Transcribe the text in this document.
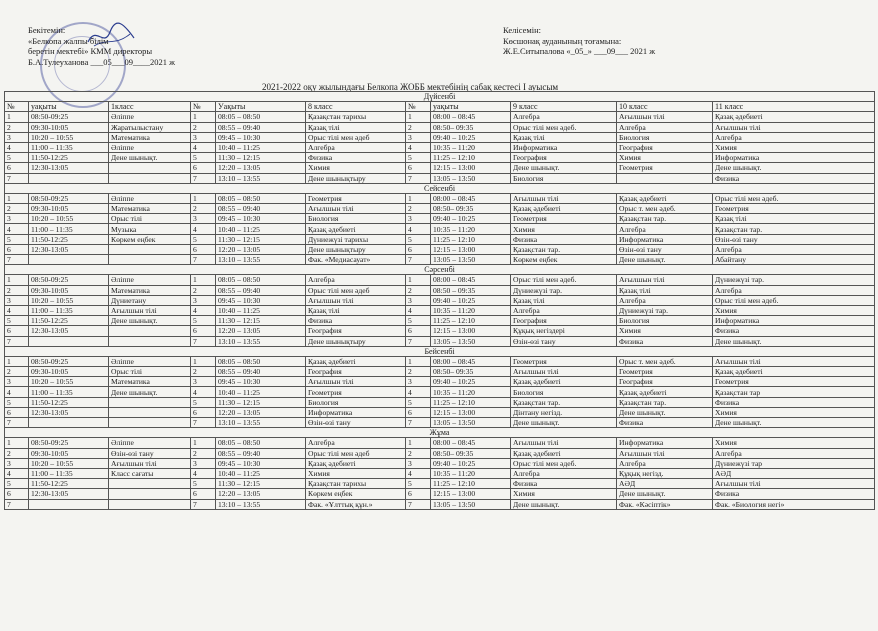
Бекітемін:
«Белкопа жалпы білім
беретін мектебі» КММ директоры
Б.А.Тулеуханова ___05___09____2021 ж
Келісемін:
Көсшонақ ауданының тоғамына:
Ж.Е.Ситыпалова «_05_» ___09___ 2021 ж
2021-2022 оқу жылындағы Белкопа ЖОББ мектебінің сабақ кестесі I ауысым
Дүйсенбі										
№	уақыты	1класс	№	Уақыты	8 класс	№	уақыты	9 класс	10 класс	11 класс
1	08:50-09:25	Әліппе	1	08:05 – 08:50	Қазақстан тарихы	1	08:00 – 08:45	Алгебра	Ағылшын тілі	Қазақ әдебиеті
2	09:30-10:05	Жаратылыстану	2	08:55 – 09:40	Қазақ тілі	2	08:50– 09:35	Орыс тілі мен әдеб.	Алгебра	Ағылшын тілі
3	10:20 – 10:55	Математика	3	09:45 – 10:30	Орыс тілі мен әдеб	3	09:40 – 10:25	Қазақ тілі	Биология	Алгебра
4	11:00 – 11:35	Әліппе	4	10:40 – 11:25	Алгебра	4	10:35 – 11:20	Информатика	География	Химия
5	11:50-12:25	Дене шынықт.	5	11:30 – 12:15	Физика	5	11:25 – 12:10	География	Химия	Информатика
6	12:30-13:05		6	12:20 – 13:05	Химия	6	12:15 – 13:00	Дене шынықт.	Геометрия	Дене шынықт.
7			7	13:10 – 13:55	Дене шынықтыру	7	13:05 – 13:50	Биология		Физика
Сейсенбі										
1	08:50-09:25	Әліппе	1	08:05 – 08:50	Геометрия	1	08:00 – 08:45	Ағылшын тілі	Қазақ әдебиеті	Орыс тілі мен әдеб.
2	09:30-10:05	Математика	2	08:55 – 09:40	Ағылшын тілі	2	08:50– 09:35	Қазақ әдебиеті	Орыс т. мен әдеб.	Геометрия
3	10:20 – 10:55	Орыс тілі	3	09:45 – 10:30	Биология	3	09:40 – 10:25	Геометрия	Қазақстан тар.	Қазақ тілі
4	11:00 – 11:35	Музыка	4	10:40 – 11:25	Қазақ әдебиеті	4	10:35 – 11:20	Химия	Алгебра	Қазақстан тар.
5	11:50-12:25	Көркем еңбек	5	11:30 – 12:15	Дүниежүзі тарихы	5	11:25 – 12:10	Физика	Информатика	Өзін-өзі тану
6	12:30-13:05		6	12:20 – 13:05	Дене шынықтыру	6	12:15 – 13:00	Қазақстан тар.	Өзін-өзі тану	Алгебра
7			7	13:10 – 13:55	Фак. «Медиасауат»	7	13:05 – 13:50	Көркем еңбек	Дене шынықт.	Абайтану
Сәрсенбі										
1	08:50-09:25	Әліппе	1	08:05 – 08:50	Алгебра	1	08:00 – 08:45	Орыс тілі мен әдеб.	Ағылшын тілі	Дүниежүзі тар.
2	09:30-10:05	Математика	2	08:55 – 09:40	Орыс тілі мен әдеб	2	08:50 – 09:35	Дүниежүзі тар.	Қазақ тілі	Алгебра
3	10:20 – 10:55	Дүниетану	3	09:45 – 10:30	Ағылшын тілі	3	09:40 – 10:25	Қазақ тілі	Алгебра	Орыс тілі мен әдеб.
4	11:00 – 11:35	Ағылшын тілі	4	10:40 – 11:25	Қазақ тілі	4	10:35 – 11:20	Алгебра	Дүниежүзі тар.	Химия
5	11:50-12:25	Дене шынықт.	5	11:30 – 12:15	Физика	5	11:25 – 12:10	География	Биология	Информатика
6	12:30-13:05		6	12:20 – 13:05	География	6	12:15 – 13:00	Құқық негіздері	Химия	Физика
7			7	13:10 – 13:55	Дене шынықтыру	7	13:05 – 13:50	Өзін-өзі тану	Физика	Дене шынықт.
Бейсенбі										
1	08:50-09:25	Әліппе	1	08:05 – 08:50	Қазақ әдебиеті	1	08:00 – 08:45	Геометрия	Орыс т. мен әдеб.	Ағылшын тілі
2	09:30-10:05	Орыс тілі	2	08:55 – 09:40	География	2	08:50– 09:35	Ағылшын тілі	Геометрия	Қазақ әдебиеті
3	10:20 – 10:55	Математика	3	09:45 – 10:30	Ағылшын тілі	3	09:40 – 10:25	Қазақ әдебиеті	География	Геометрия
4	11:00 – 11:35	Дене шынықт.	4	10:40 – 11:25	Геометрия	4	10:35 – 11:20	Биология	Қазақ әдебиеті	Қазақстан тар
5	11:50-12:25		5	11:30 – 12:15	Биология	5	11:25 – 12:10	Қазақстан тар.	Қазақстан тар.	Физика
6	12:30-13:05		6	12:20 – 13:05	Информатика	6	12:15 – 13:00	Дінтану негізд.	Дене шынықт.	Химия
7			7	13:10 – 13:55	Өзін-өзі тану	7	13:05 – 13:50	Дене шынықт.	Физика	Дене шынықт.
Жұма										
1	08:50-09:25	Әліппе	1	08:05 – 08:50	Алгебра	1	08:00 – 08:45	Ағылшын тілі	Информатика	Химия
2	09:30-10:05	Өзін-өзі тану	2	08:55 – 09:40	Орыс тілі мен әдеб	2	08:50– 09:35	Қазақ әдебиеті	Ағылшын тілі	Алгебра
3	10:20 – 10:55	Ағылшын тілі	3	09:45 – 10:30	Қазақ әдебиеті	3	09:40 – 10:25	Орыс тілі мен әдеб.	Алгебра	Дүниежүзі тар
4	11:00 – 11:35	Класс сағаты	4	10:40 – 11:25	Химия	4	10:35 – 11:20	Алгебра	Құқық негізд.	АӘД
5	11:50-12:25		5	11:30 – 12:15	Қазақстан тарихы	5	11:25 – 12:10	Физика	АӘД	Ағылшын тілі
6	12:30-13:05		6	12:20 – 13:05	Көркем еңбек	6	12:15 – 13:00	Химия	Дене шынықт.	Физика
7			7	13:10 – 13:55	Фак. «Ұлттық құн.»	7	13:05 – 13:50	Дене шынықт.	Фак. «Кәсіптік»	Фак. «Биология негі»
